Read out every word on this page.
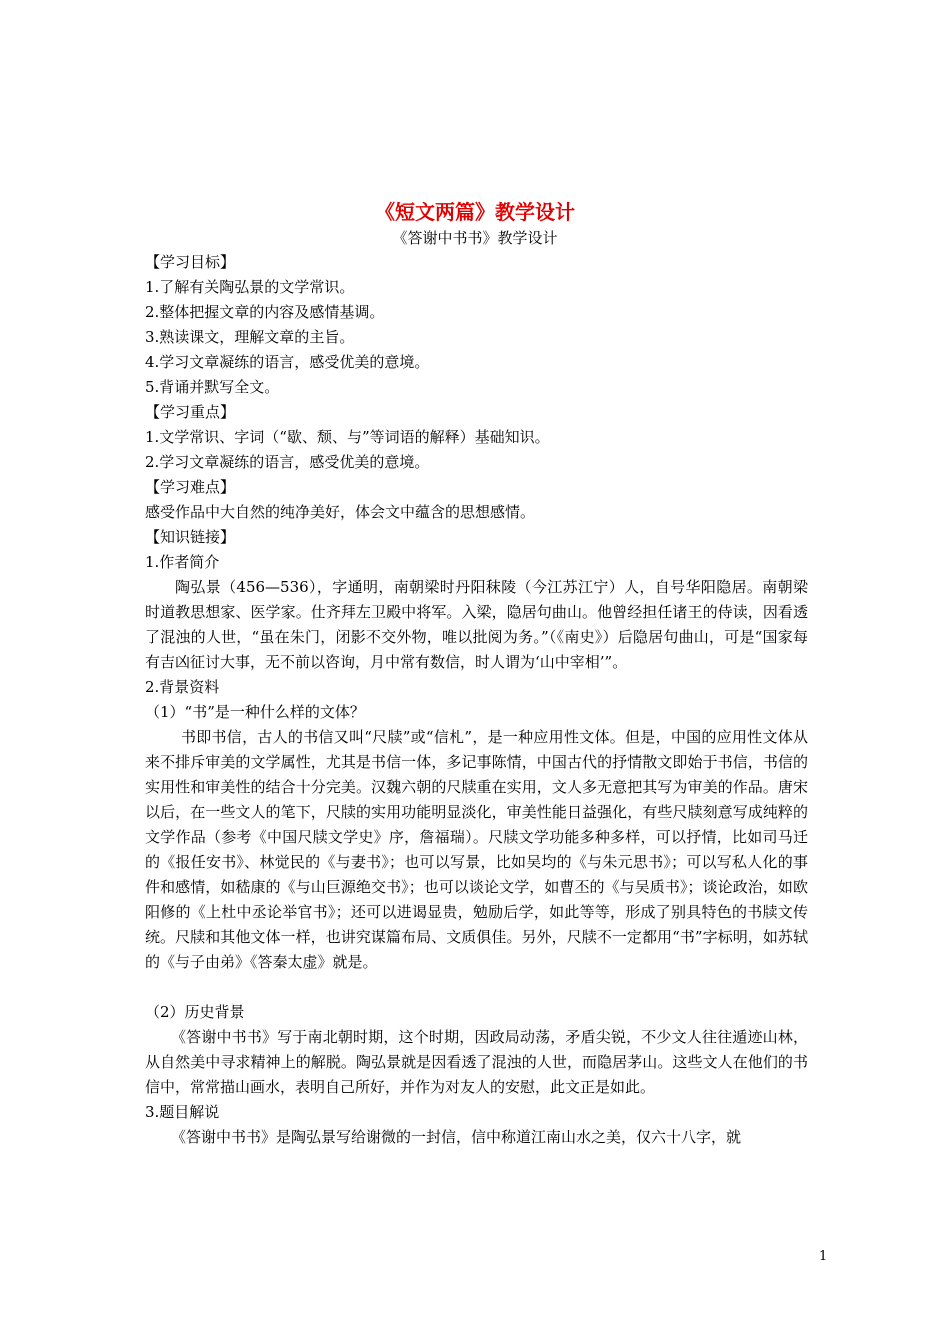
《短文两篇》教学设计
《答谢中书书》教学设计
【学习目标】
1.了解有关陶弘景的文学常识。
2.整体把握文章的内容及感情基调。
3.熟读课文，理解文章的主旨。
4.学习文章凝练的语言，感受优美的意境。
5.背诵并默写全文。
【学习重点】
1.文学常识、字词（“歇、颓、与”等词语的解释）基础知识。
2.学习文章凝练的语言，感受优美的意境。
【学习难点】
感受作品中大自然的纯净美好，体会文中蕴含的思想感情。
【知识链接】
1.作者简介
陶弘景（456—536），字通明，南朝梁时丹阳秣陵（今江苏江宁）人，自号华阳隐居。南朝梁时道教思想家、医学家。仕齐拜左卫殿中将军。入梁，隐居句曲山。他曾经担任诸王的侍读，因看透了混浊的人世，“虽在朱门，闭影不交外物，唯以批阅为务。”（《南史》）后隐居句曲山，可是“国家每有吉凶征讨大事，无不前以咨询，月中常有数信，时人谓为‘山中宰相’”。
2.背景资料
（1）“书”是一种什么样的文体？
书即书信，古人的书信又叫“尺牍”或“信札”，是一种应用性文体。但是，中国的应用性文体从来不排斥审美的文学属性，尤其是书信一体，多记事陈情，中国古代的抒情散文即始于书信，书信的实用性和审美性的结合十分完美。汉魏六朝的尺牍重在实用，文人多无意把其写为审美的作品。唐宋以后，在一些文人的笔下，尺牍的实用功能明显淡化，审美性能日益强化，有些尺牍刻意写成纯粹的文学作品（参考《中国尺牍文学史》序，詹福瑞）。尺牍文学功能多种多样，可以抒情，比如司马迁的《报任安书》、林觉民的《与妻书》；也可以写景，比如吴均的《与朱元思书》；可以写私人化的事件和感情，如嵇康的《与山巨源绝交书》；也可以谈论文学，如曹丕的《与吴质书》；谈论政治，如欧阳修的《上杜中丞论举官书》；还可以进谒显贵，勉励后学，如此等等，形成了别具特色的书牍文传统。尺牍和其他文体一样，也讲究谋篇布局、文质俱佳。另外，尺牍不一定都用“书”字标明，如苏轼的《与子由弟》《答秦太虚》就是。
（2）历史背景
《答谢中书书》写于南北朝时期，这个时期，因政局动荡，矛盾尖锐，不少文人往往遁迹山林，从自然美中寻求精神上的解脱。陶弘景就是因看透了混浊的人世，而隐居茅山。这些文人在他们的书信中，常常描山画水，表明自己所好，并作为对友人的安慰，此文正是如此。
3.题目解说
《答谢中书书》是陶弘景写给谢微的一封信，信中称道江南山水之美，仅六十八字，就
1
